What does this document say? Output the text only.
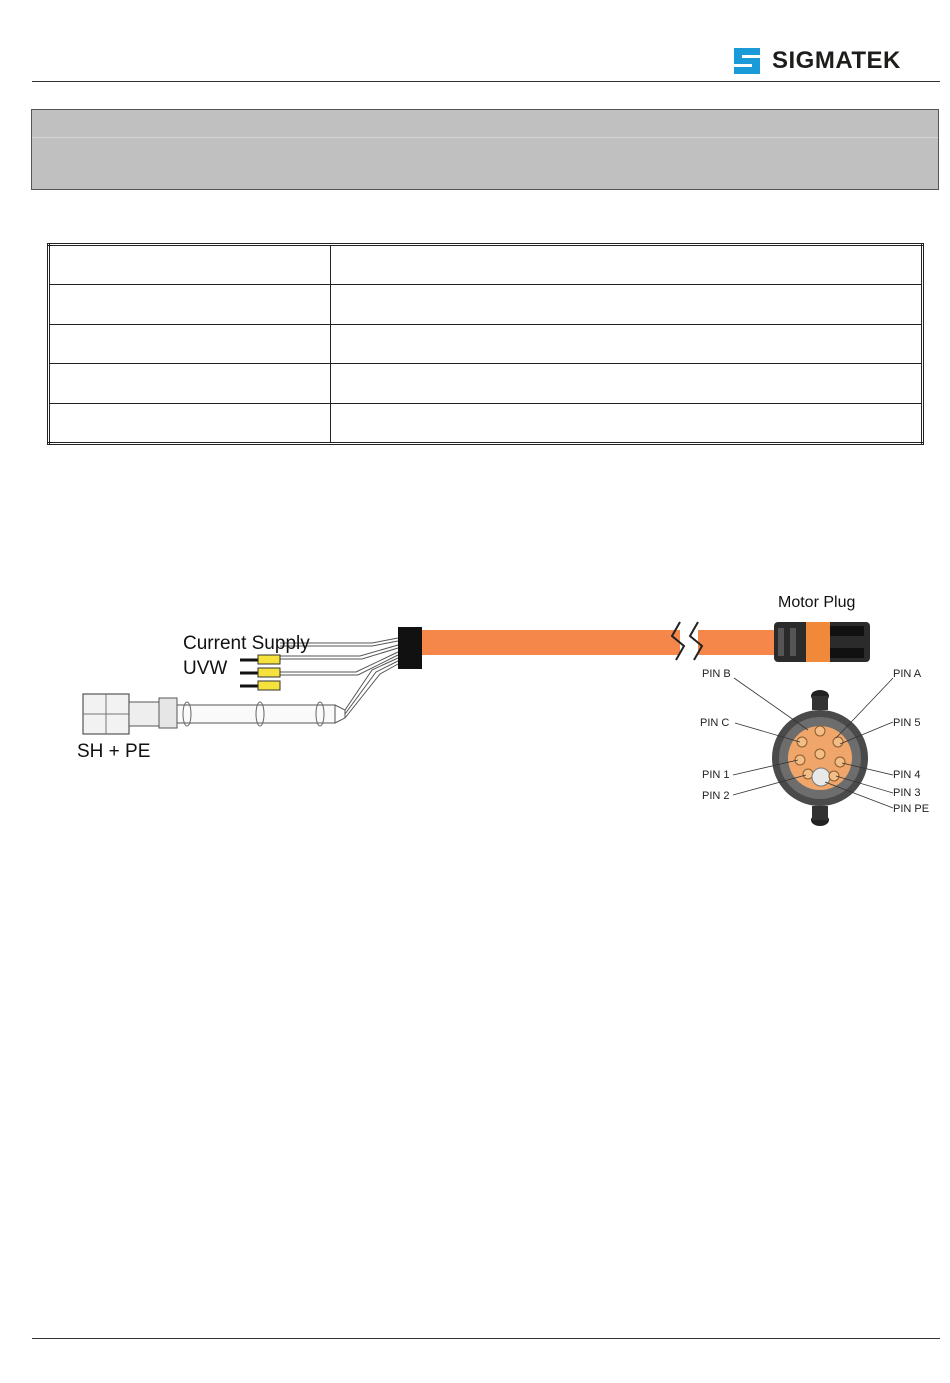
SIGMATEK

Current Supply
UVW
SH + PE
Motor Plug
PIN B
PIN C
PIN 1
PIN 2
PIN A
PIN 5
PIN 4
PIN 3
PIN PE
